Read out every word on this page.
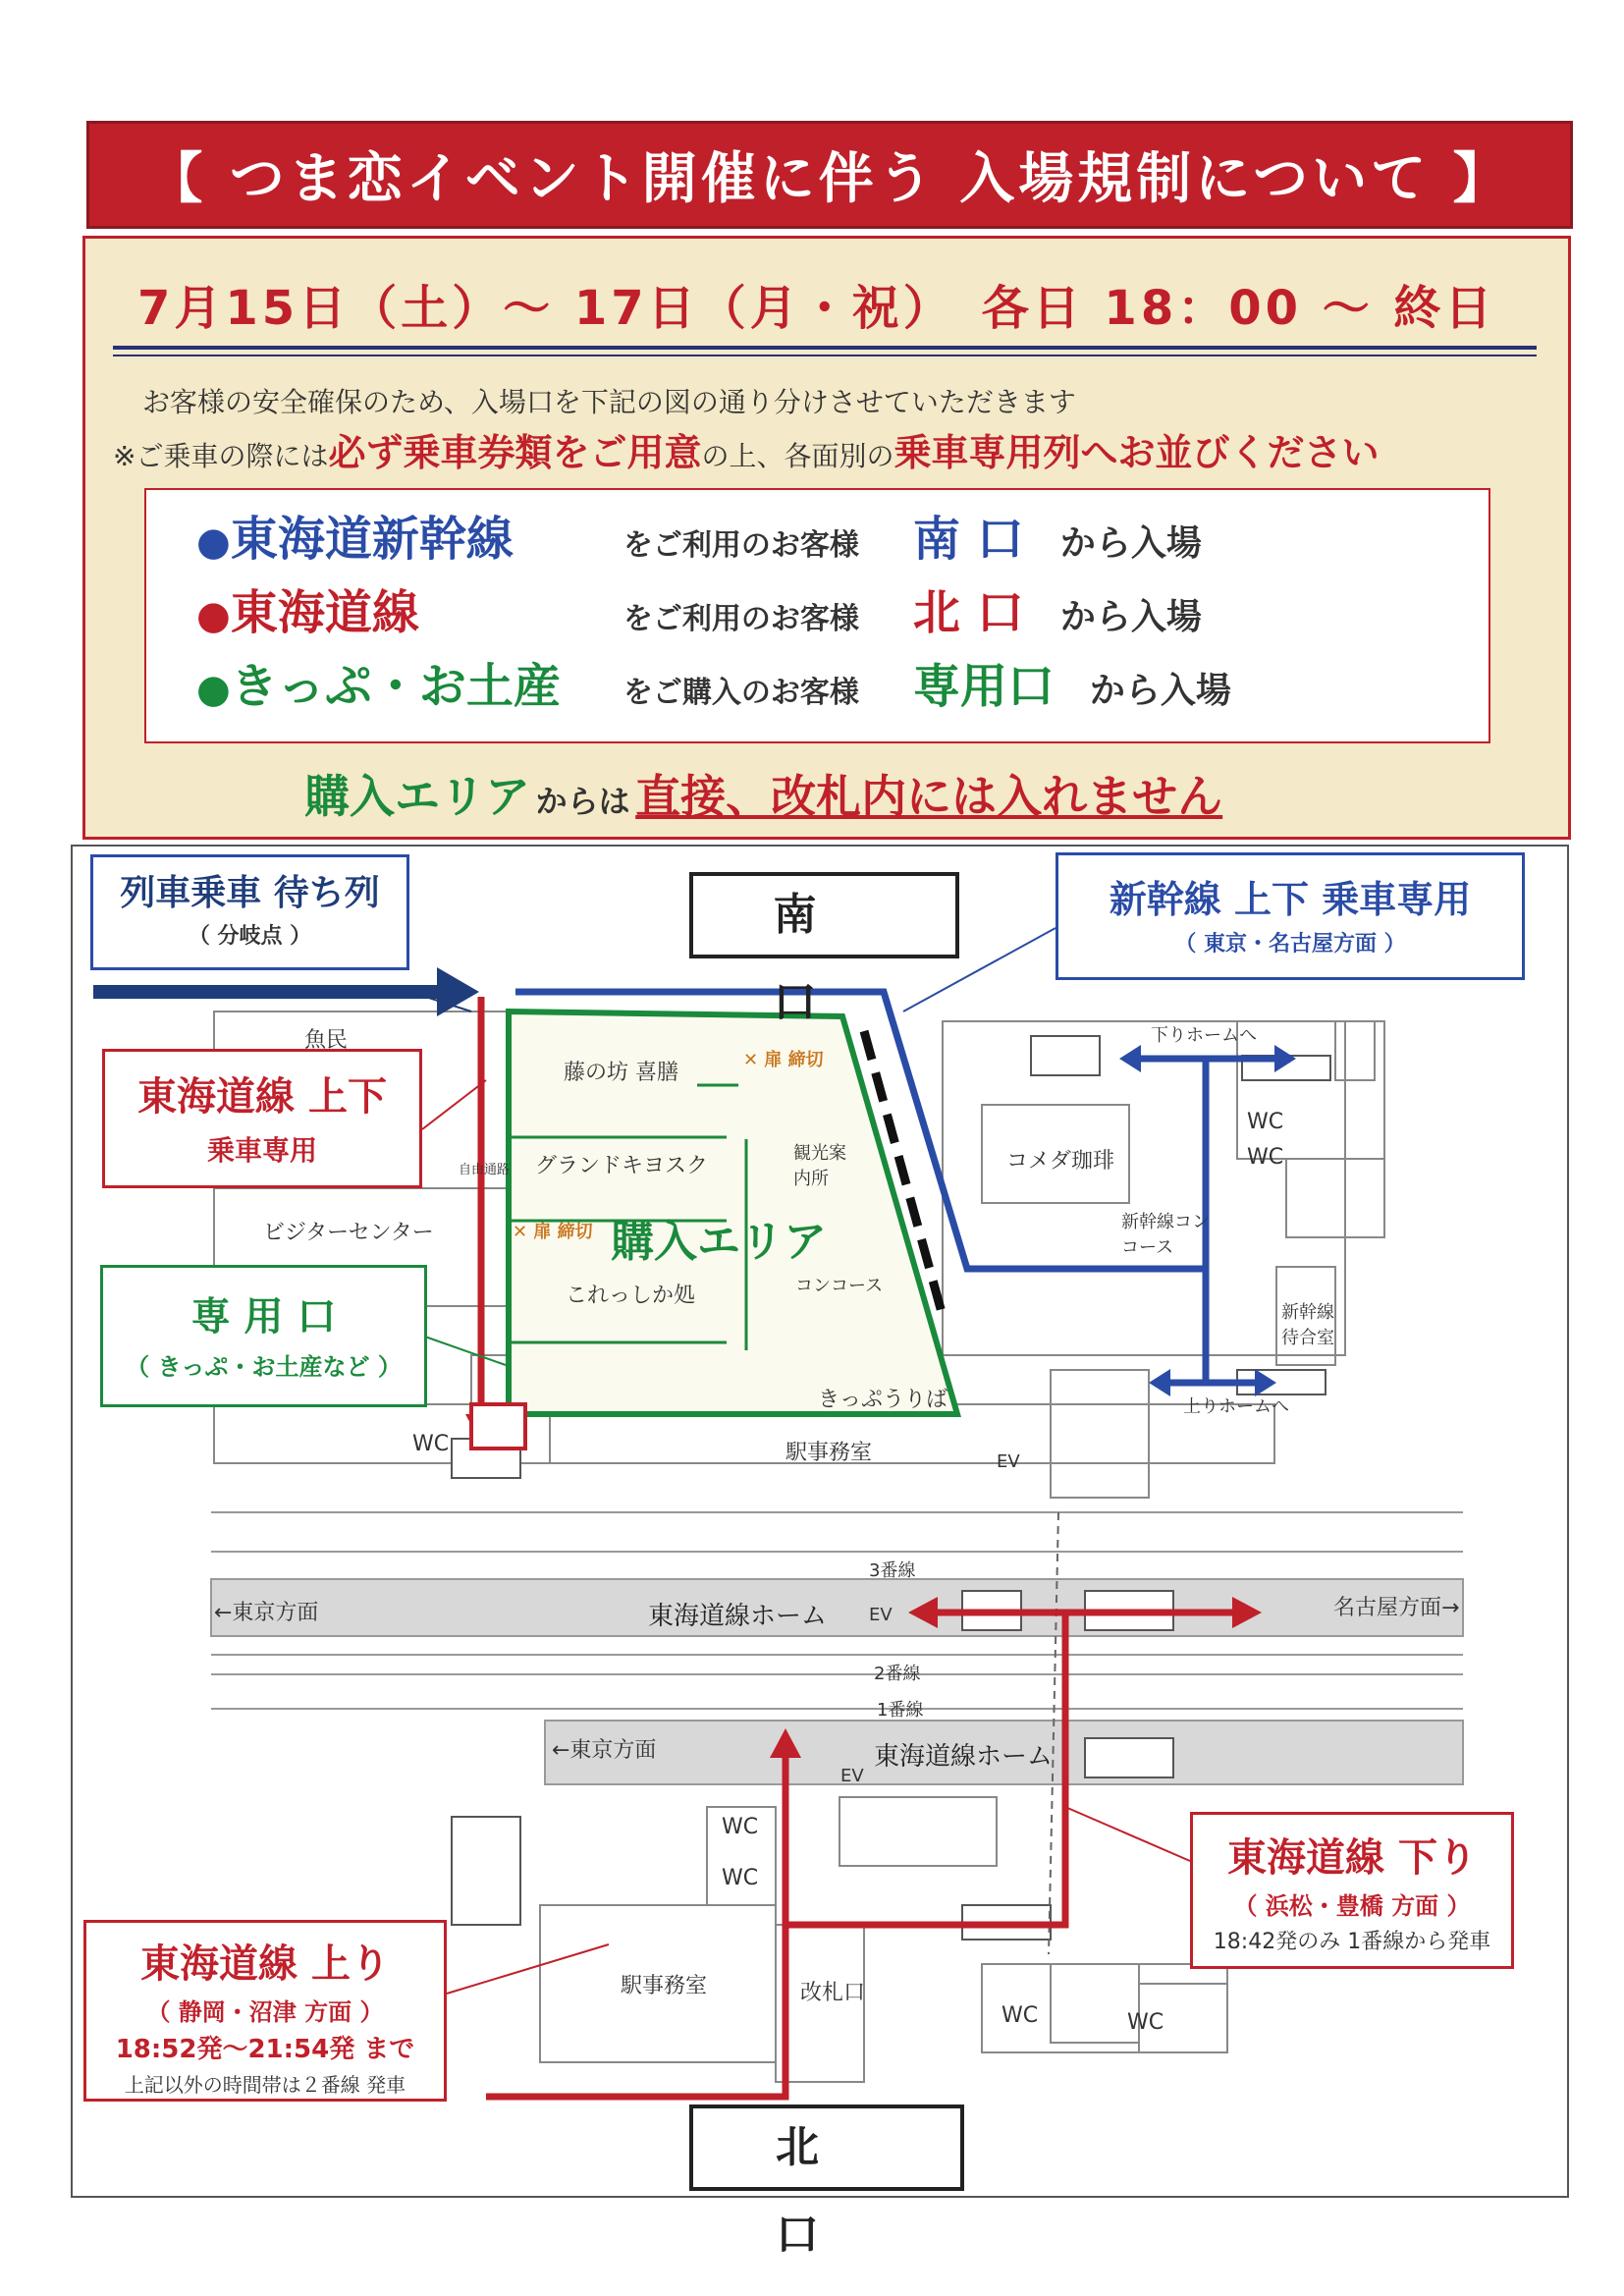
【 つま恋イベント開催に伴う 入場規制について 】
7月15日（土）～ 17日（月・祝）　各日 18：00 ～ 終日
お客様の安全確保のため、入場口を下記の図の通り分けさせていただきます
※ご乗車の際には必ず乗車券類をご用意の上、各面別の乗車専用列へお並びください
●東海道新幹線	をご利用のお客様 南 口 から入場
●東海道線	をご利用のお客様 北 口 から入場
●きっぷ・お土産 をご購入のお客様 専用口 から入場
購入エリア からは 直接、改札内には入れません
南　口
北　口
列車乗車 待ち列
（ 分岐点 ）
新幹線 上下 乗車専用
（ 東京・名古屋方面 ）
東海道線 上下
乗車専用
専 用 口
（ きっぷ・お土産など ）
購入エリア
藤の坊 喜膳
グランドキヨスク
これっしか処
きっぷうりば
観光案内所
コンコース
✕ 扉 締切
✕ 扉 締切
魚民
ビジターセンター
自由通路	コメダ珈琲
新幹線コンコース
新幹線待合室
下りホームへ
上りホームへ
WC
WC
WC	駅事務室	EV
3番線
2番線
1番線
←東京方面	名古屋方面→
東海道線ホーム EV
←東京方面	東海道線ホーム
EV
WC
WC
駅事務室	改札口
WC	WC
東海道線 下り
（ 浜松・豊橋 方面 ）
18:42発のみ 1番線から発車
東海道線 上り
（ 静岡・沼津 方面 ）
18:52発～21:54発 まで
上記以外の時間帯は２番線 発車
